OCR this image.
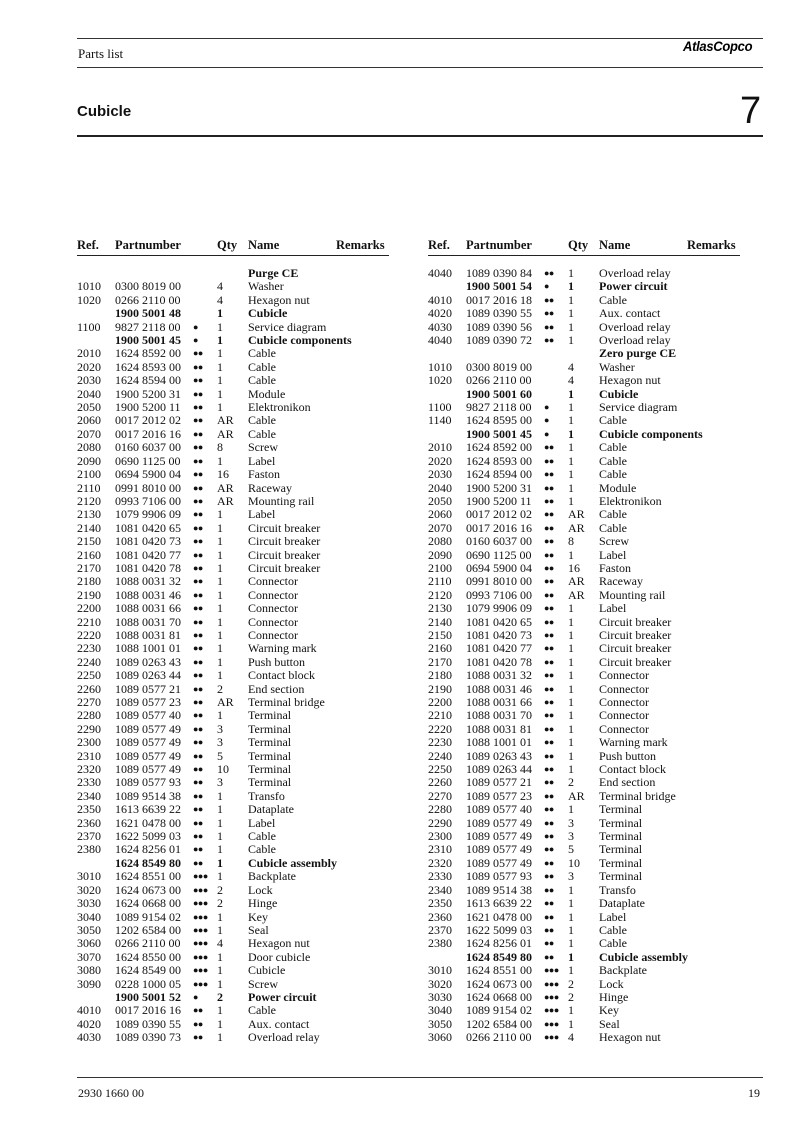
Parts list	AtlasCopco
Cubicle	7
Ref. Partnumber	Qty Name	Remarks
Purge CE
1010 0300 8019 00	4 Washer
1020 0266 2110 00	4 Hexagon nut
1900 5001 48	1 Cubicle
1100 9827 2118 00 ● 1 Service diagram
1900 5001 45 ● 1 Cubicle components
2010 1624 8592 00 ●● 1 Cable
2020 1624 8593 00 ●● 1 Cable
2030 1624 8594 00 ●● 1 Cable
2040 1900 5200 31 ●● 1 Module
2050 1900 5200 11 ●● 1 Elektronikon
2060 0017 2012 02 ●● AR Cable
2070 0017 2016 16 ●● AR Cable
2080 0160 6037 00 ●● 8 Screw
2090 0690 1125 00 ●● 1 Label
2100 0694 5900 04 ●● 16 Faston
2110 0991 8010 00 ●● AR Raceway
2120 0993 7106 00 ●● AR Mounting rail
2130 1079 9906 09 ●● 1 Label
2140 1081 0420 65 ●● 1 Circuit breaker
2150 1081 0420 73 ●● 1 Circuit breaker
2160 1081 0420 77 ●● 1 Circuit breaker
2170 1081 0420 78 ●● 1 Circuit breaker
2180 1088 0031 32 ●● 1 Connector
2190 1088 0031 46 ●● 1 Connector
2200 1088 0031 66 ●● 1 Connector
2210 1088 0031 70 ●● 1 Connector
2220 1088 0031 81 ●● 1 Connector
2230 1088 1001 01 ●● 1 Warning mark
2240 1089 0263 43 ●● 1 Push button
2250 1089 0263 44 ●● 1 Contact block
2260 1089 0577 21 ●● 2 End section
2270 1089 0577 23 ●● AR Terminal bridge
2280 1089 0577 40 ●● 1 Terminal
2290 1089 0577 49 ●● 3 Terminal
2300 1089 0577 49 ●● 3 Terminal
2310 1089 0577 49 ●● 5 Terminal
2320 1089 0577 49 ●● 10 Terminal
2330 1089 0577 93 ●● 3 Terminal
2340 1089 9514 38 ●● 1 Transfo
2350 1613 6639 22 ●● 1 Dataplate
2360 1621 0478 00 ●● 1 Label
2370 1622 5099 03 ●● 1 Cable
2380 1624 8256 01 ●● 1 Cable
1624 8549 80 ●● 1 Cubicle assembly
3010 1624 8551 00 ●●● 1 Backplate
3020 1624 0673 00 ●●● 2 Lock
3030 1624 0668 00 ●●● 2 Hinge
3040 1089 9154 02 ●●● 1 Key
3050 1202 6584 00 ●●● 1 Seal
3060 0266 2110 00 ●●● 4 Hexagon nut
3070 1624 8550 00 ●●● 1 Door cubicle
3080 1624 8549 00 ●●● 1 Cubicle
3090 0228 1000 05 ●●● 1 Screw
1900 5001 52 ● 2 Power circuit
4010 0017 2016 16 ●● 1 Cable
4020 1089 0390 55 ●● 1 Aux. contact
4030 1089 0390 73 ●● 1 Overload relay
Ref. Partnumber	Qty Name	Remarks
4040 1089 0390 84 ●● 1 Overload relay
1900 5001 54 ● 1 Power circuit
4010 0017 2016 18 ●● 1 Cable
4020 1089 0390 55 ●● 1 Aux. contact
4030 1089 0390 56 ●● 1 Overload relay
4040 1089 0390 72 ●● 1 Overload relay
Zero purge CE
1010 0300 8019 00	4 Washer
1020 0266 2110 00	4 Hexagon nut
1900 5001 60	1 Cubicle
1100 9827 2118 00 ● 1 Service diagram
1140 1624 8595 00 ● 1 Cable
1900 5001 45 ● 1 Cubicle components
2010 1624 8592 00 ●● 1 Cable
2020 1624 8593 00 ●● 1 Cable
2030 1624 8594 00 ●● 1 Cable
2040 1900 5200 31 ●● 1 Module
2050 1900 5200 11 ●● 1 Elektronikon
2060 0017 2012 02 ●● AR Cable
2070 0017 2016 16 ●● AR Cable
2080 0160 6037 00 ●● 8 Screw
2090 0690 1125 00 ●● 1 Label
2100 0694 5900 04 ●● 16 Faston
2110 0991 8010 00 ●● AR Raceway
2120 0993 7106 00 ●● AR Mounting rail
2130 1079 9906 09 ●● 1 Label
2140 1081 0420 65 ●● 1 Circuit breaker
2150 1081 0420 73 ●● 1 Circuit breaker
2160 1081 0420 77 ●● 1 Circuit breaker
2170 1081 0420 78 ●● 1 Circuit breaker
2180 1088 0031 32 ●● 1 Connector
2190 1088 0031 46 ●● 1 Connector
2200 1088 0031 66 ●● 1 Connector
2210 1088 0031 70 ●● 1 Connector
2220 1088 0031 81 ●● 1 Connector
2230 1088 1001 01 ●● 1 Warning mark
2240 1089 0263 43 ●● 1 Push button
2250 1089 0263 44 ●● 1 Contact block
2260 1089 0577 21 ●● 2 End section
2270 1089 0577 23 ●● AR Terminal bridge
2280 1089 0577 40 ●● 1 Terminal
2290 1089 0577 49 ●● 3 Terminal
2300 1089 0577 49 ●● 3 Terminal
2310 1089 0577 49 ●● 5 Terminal
2320 1089 0577 49 ●● 10 Terminal
2330 1089 0577 93 ●● 3 Terminal
2340 1089 9514 38 ●● 1 Transfo
2350 1613 6639 22 ●● 1 Dataplate
2360 1621 0478 00 ●● 1 Label
2370 1622 5099 03 ●● 1 Cable
2380 1624 8256 01 ●● 1 Cable
1624 8549 80 ●● 1 Cubicle assembly
3010 1624 8551 00 ●●● 1 Backplate
3020 1624 0673 00 ●●● 2 Lock
3030 1624 0668 00 ●●● 2 Hinge
3040 1089 9154 02 ●●● 1 Key
3050 1202 6584 00 ●●● 1 Seal
3060 0266 2110 00 ●●● 4 Hexagon nut
2930 1660 00	19
